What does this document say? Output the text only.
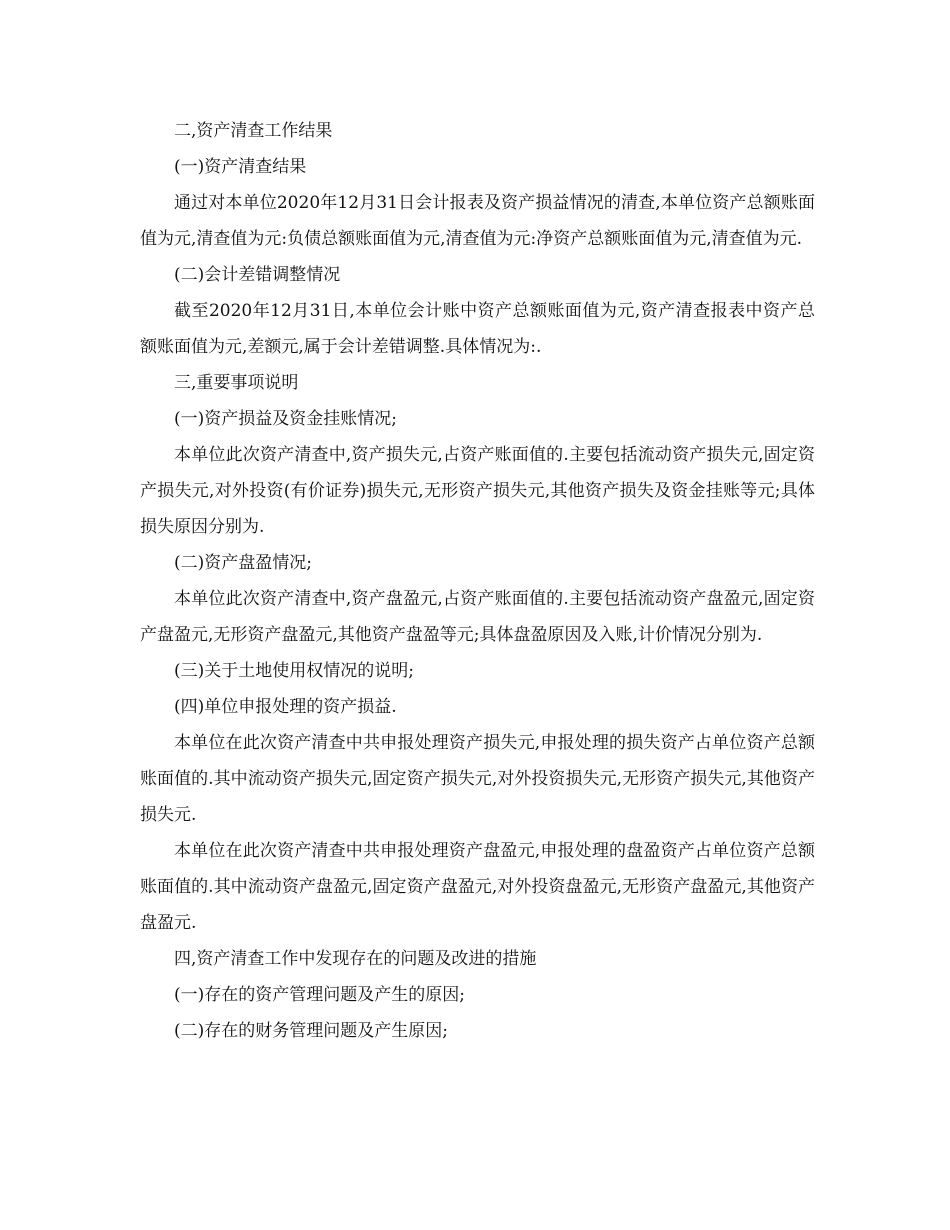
二,资产清查工作结果

(一)资产清查结果

通过对本单位2020年12月31日会计报表及资产损益情况的清查,本单位资产总额账面值为元,清查值为元:负债总额账面值为元,清查值为元:净资产总额账面值为元,清查值为元.

(二)会计差错调整情况

截至2020年12月31日,本单位会计账中资产总额账面值为元,资产清查报表中资产总额账面值为元,差额元,属于会计差错调整.具体情况为:.

三,重要事项说明

(一)资产损益及资金挂账情况;

本单位此次资产清查中,资产损失元,占资产账面值的.主要包括流动资产损失元,固定资产损失元,对外投资(有价证券)损失元,无形资产损失元,其他资产损失及资金挂账等元;具体损失原因分别为.

(二)资产盘盈情况;

本单位此次资产清查中,资产盘盈元,占资产账面值的.主要包括流动资产盘盈元,固定资产盘盈元,无形资产盘盈元,其他资产盘盈等元;具体盘盈原因及入账,计价情况分别为.

(三)关于土地使用权情况的说明;

(四)单位申报处理的资产损益.

本单位在此次资产清查中共申报处理资产损失元,申报处理的损失资产占单位资产总额账面值的.其中流动资产损失元,固定资产损失元,对外投资损失元,无形资产损失元,其他资产损失元.

本单位在此次资产清查中共申报处理资产盘盈元,申报处理的盘盈资产占单位资产总额账面值的.其中流动资产盘盈元,固定资产盘盈元,对外投资盘盈元,无形资产盘盈元,其他资产盘盈元.

四,资产清查工作中发现存在的问题及改进的措施

(一)存在的资产管理问题及产生的原因;

(二)存在的财务管理问题及产生原因;
